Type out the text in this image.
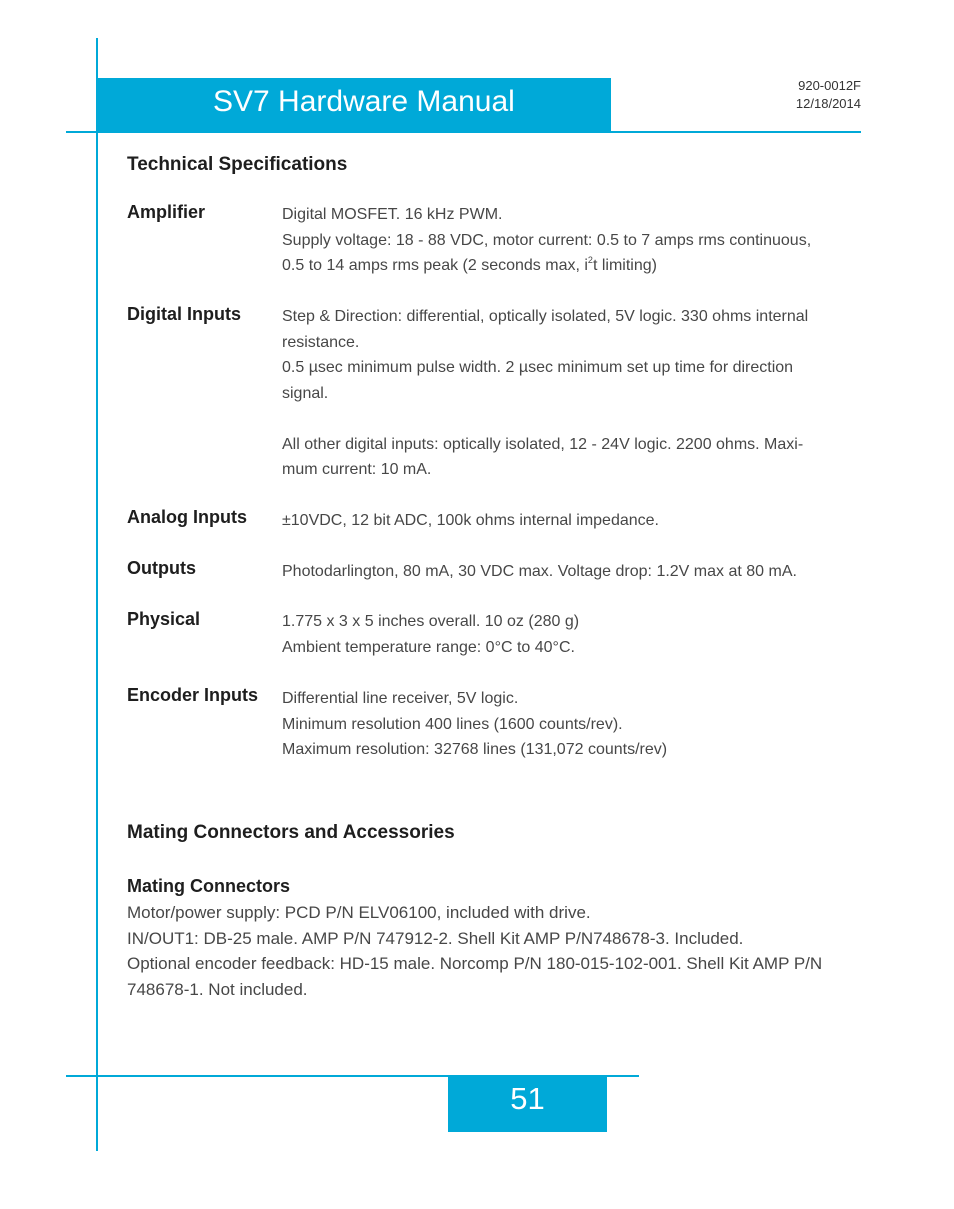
SV7 Hardware Manual	920-0012F
12/18/2014
Technical Specifications
Amplifier	Digital MOSFET. 16 kHz PWM.
Supply voltage: 18 - 88 VDC, motor current: 0.5 to 7 amps rms continuous,
0.5 to 14 amps rms peak (2 seconds max, $i^2t$ limiting)
Digital Inputs	Step & Direction: differential, optically isolated, 5V logic. 330 ohms internal
resistance.
0.5 µsec minimum pulse width. 2 µsec minimum set up time for direction
signal.
All other digital inputs: optically isolated, 12 - 24V logic. 2200 ohms. Maxi-
mum current: 10 mA.
Analog Inputs ±10VDC, 12 bit ADC, 100k ohms internal impedance.
Outputs	Photodarlington, 80 mA, 30 VDC max. Voltage drop: 1.2V max at 80 mA.
Physical	1.775 x 3 x 5 inches overall. 10 oz (280 g)
Ambient temperature range: 0°C to 40°C.
Encoder Inputs Differential line receiver, 5V logic.
Minimum resolution 400 lines (1600 counts/rev).
Maximum resolution: 32768 lines (131,072 counts/rev)
Mating Connectors and Accessories
Mating Connectors
Motor/power supply: PCD P/N ELV06100, included with drive.
IN/OUT1: DB-25 male. AMP P/N 747912-2. Shell Kit AMP P/N748678-3. Included.
Optional encoder feedback: HD-15 male. Norcomp P/N 180-015-102-001. Shell Kit AMP P/N
748678-1. Not included.
51
